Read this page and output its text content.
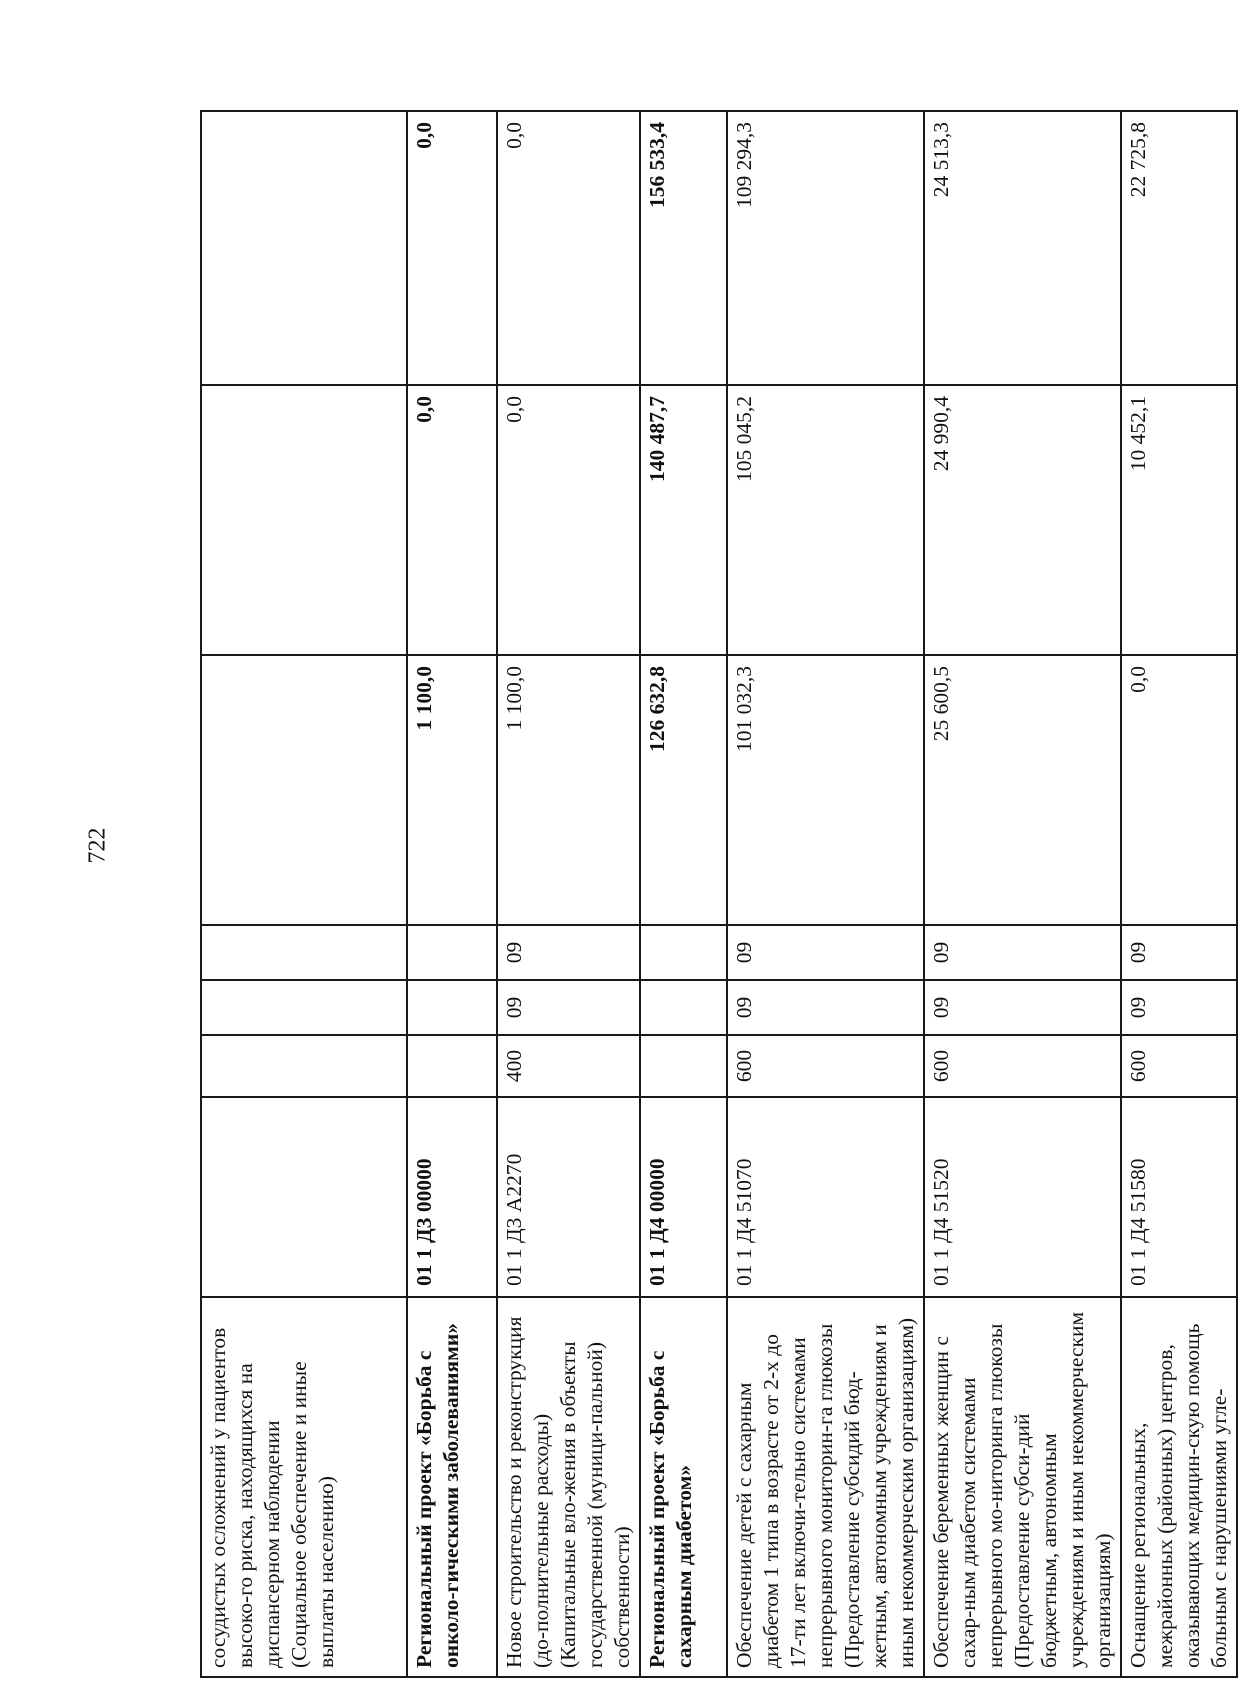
722
сосудистых осложнений у пациентов высоко-го риска, находящихся на диспансерном наблюдении (Социальное обеспечение и иные выплаты населению)							
Региональный проект «Борьба с онколо-гическими заболеваниями»	01 1 Д3 00000				1 100,0	0,0	0,0
Новое строительство и реконструкция (до-полнительные расходы) (Капитальные вло-жения в объекты государственной (муници-пальной) собственности)	01 1 Д3 А2270	400	09	09	1 100,0	0,0	0,0
Региональный проект «Борьба с сахарным диабетом»	01 1 Д4 00000				126 632,8	140 487,7	156 533,4
Обеспечение детей с сахарным диабетом 1 типа в возрасте от 2-х до 17-ти лет включи-тельно системами непрерывного мониторин-га глюкозы (Предоставление субсидий бюд-жетным, автономным учреждениям и иным некоммерческим организациям)	01 1 Д4 51070	600	09	09	101 032,3	105 045,2	109 294,3
Обеспечение беременных женщин с сахар-ным диабетом системами непрерывного мо-ниторинга глюкозы (Предоставление субси-дий бюджетным, автономным учреждениям и иным некоммерческим организациям)	01 1 Д4 51520	600	09	09	25 600,5	24 990,4	24 513,3
Оснащение региональных, межрайонных (районных) центров, оказывающих медицин-скую помощь больным с нарушениями угле-	01 1 Д4 51580	600	09	09	0,0	10 452,1	22 725,8
